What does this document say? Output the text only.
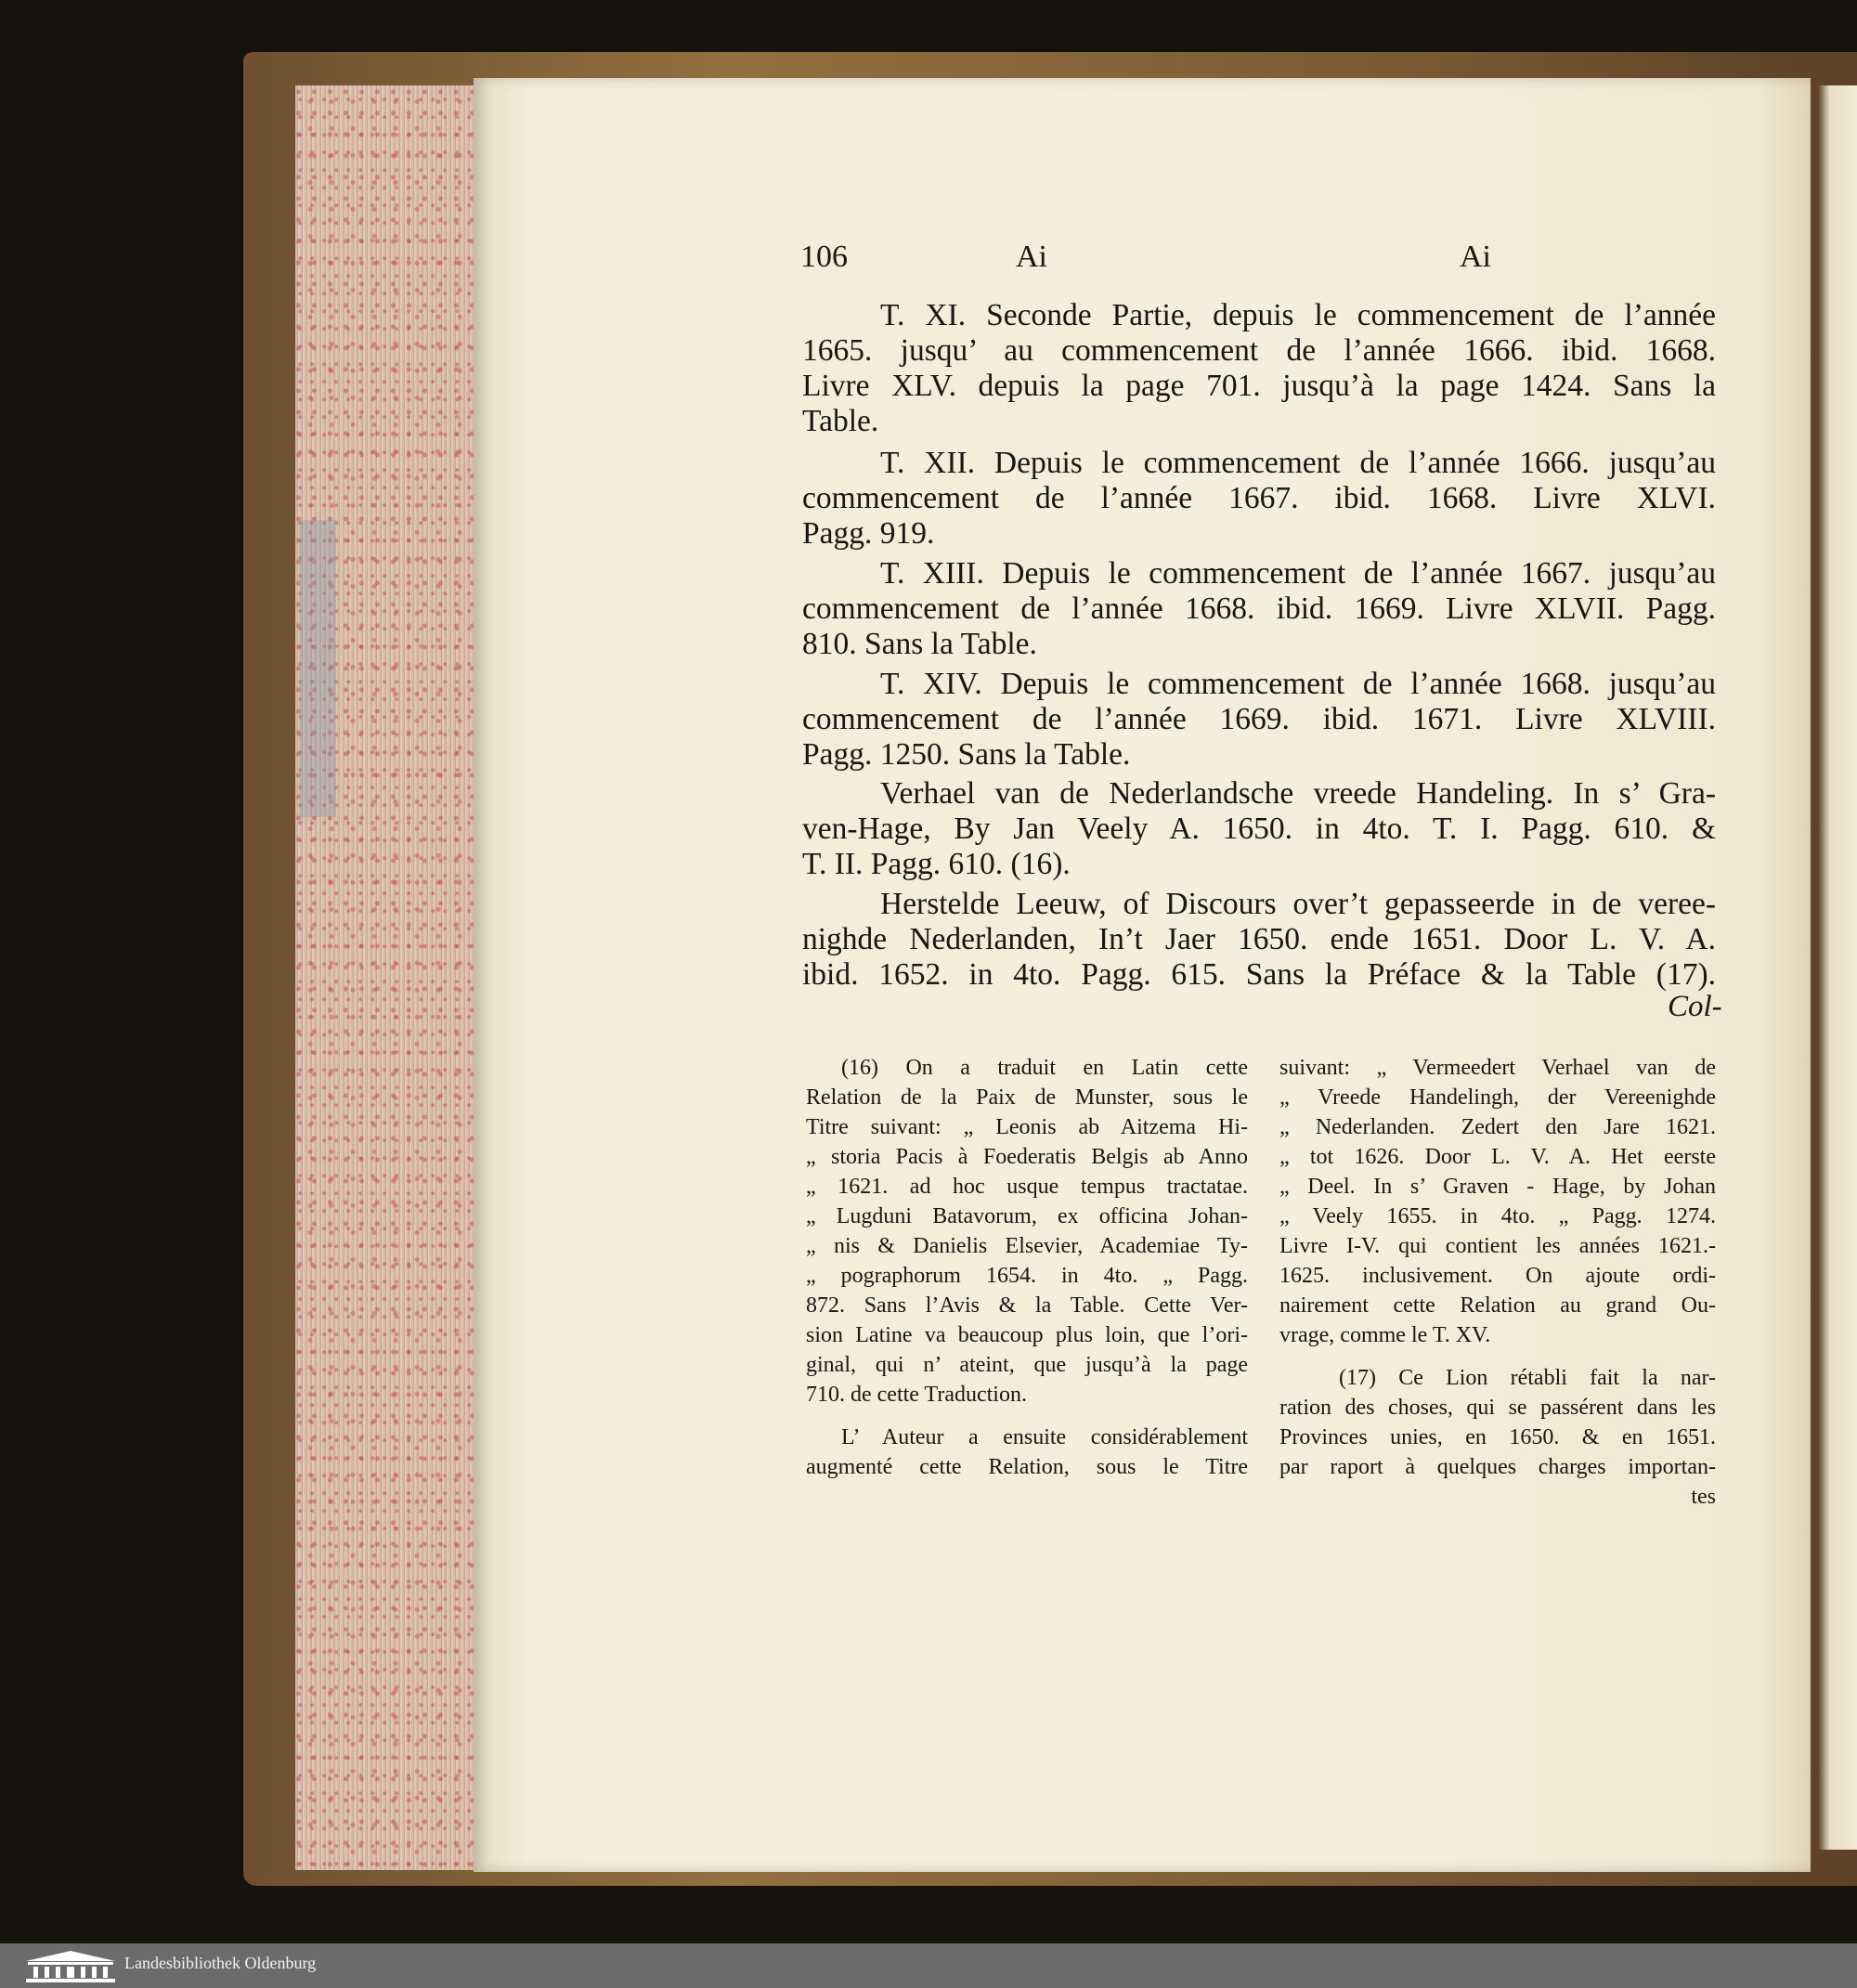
106	Ai	Ai
T. XI. Seconde Partie, depuis le commencement de l’année
1665. jusqu’ au commencement de l’année 1666. ibid. 1668.
Livre XLV. depuis la page 701. jusqu’à la page 1424. Sans la
Table.
T. XII. Depuis le commencement de l’année 1666. jusqu’au
commencement de l’année 1667. ibid. 1668. Livre XLVI.
Pagg. 919.
T. XIII. Depuis le commencement de l’année 1667. jusqu’au
commencement de l’année 1668. ibid. 1669. Livre XLVII. Pagg.
810. Sans la Table.
T. XIV. Depuis le commencement de l’année 1668. jusqu’au
commencement de l’année 1669. ibid. 1671. Livre XLVIII.
Pagg. 1250. Sans la Table.
Verhael van de Nederlandsche vreede Handeling. In s’ Gra-
ven-Hage, By Jan Veely A. 1650. in 4to. T. I. Pagg. 610. &
T. II. Pagg. 610. (16).
Herstelde Leeuw, of Discours over’t gepasseerde in de veree-
nighde Nederlanden, In’t Jaer 1650. ende 1651. Door L. V. A.
ibid. 1652. in 4to. Pagg. 615. Sans la Préface & la Table (17).
Col-
(16) On a traduit en Latin cette
Relation de la Paix de Munster, sous le
Titre suivant: „ Leonis ab Aitzema Hi-
„ storia Pacis à Foederatis Belgis ab Anno
„ 1621. ad hoc usque tempus tractatae.
„ Lugduni Batavorum, ex officina Johan-
„ nis & Danielis Elsevier, Academiae Ty-
„ pographorum 1654. in 4to. „ Pagg.
872. Sans l’Avis & la Table. Cette Ver-
sion Latine va beaucoup plus loin, que l’ori-
ginal, qui n’ ateint, que jusqu’à la page
710. de cette Traduction.
L’ Auteur a ensuite considérablement
augmenté cette Relation, sous le Titre
suivant: „ Vermeedert Verhael van de
„ Vreede Handelingh, der Vereenighde
„ Nederlanden. Zedert den Jare 1621.
„ tot 1626. Door L. V. A. Het eerste
„ Deel. In s’ Graven - Hage, by Johan
„ Veely 1655. in 4to. „ Pagg. 1274.
Livre I-V. qui contient les années 1621.-
1625. inclusivement. On ajoute ordi-
nairement cette Relation au grand Ou-
vrage, comme le T. XV.
(17) Ce Lion rétabli fait la nar-
ration des choses, qui se passérent dans les
Provinces unies, en 1650. & en 1651.
par raport à quelques charges importan-
tes
Landesbibliothek Oldenburg
